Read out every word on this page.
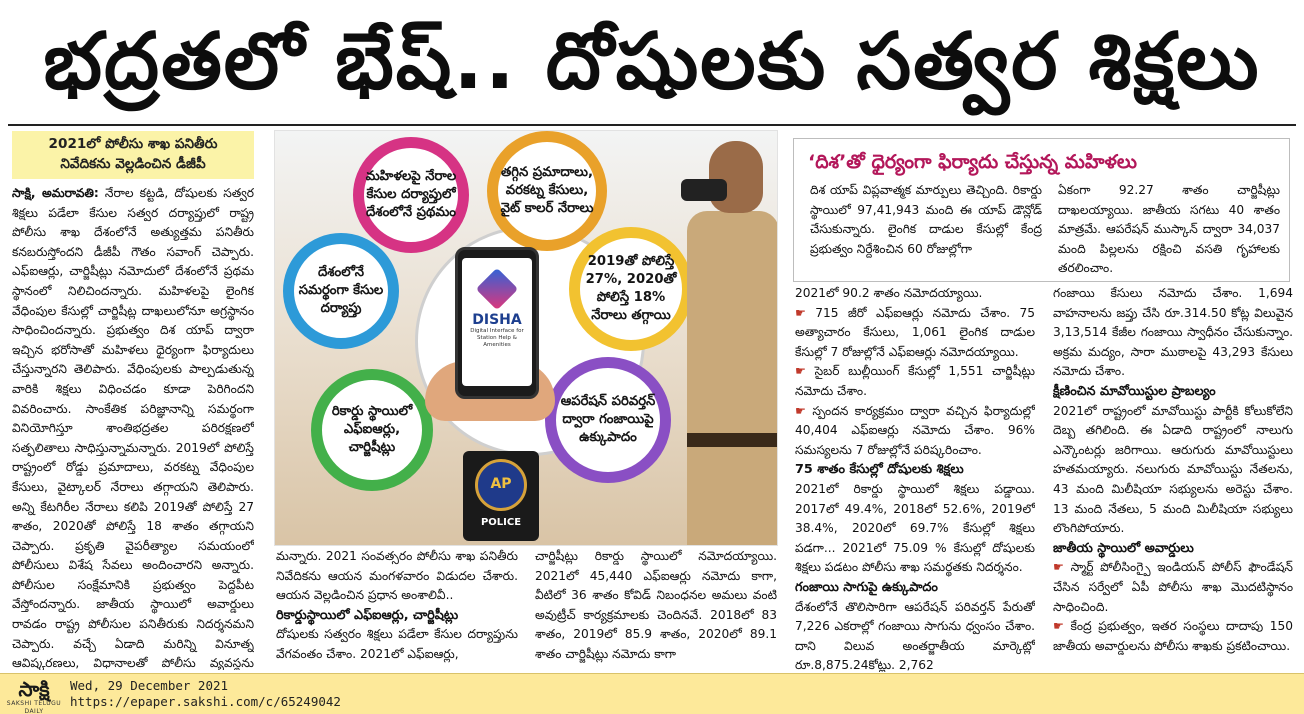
భద్రతలో భేష్.. దోషులకు సత్వర శిక్షలు
2021లో పోలీసు శాఖ పనితీరు
నివేదికను వెల్లడించిన డీజీపీ

సాక్షి, అమరావతి: నేరాల కట్టడి, దోషులకు సత్వర శిక్షలు పడేలా కేసుల సత్వర దర్యాప్తులో రాష్ట్ర పోలీసు శాఖ దేశంలోనే అత్యుత్తమ పనితీరు కనబరుస్తోందని డీజీపీ గౌతం సవాంగ్ చెప్పారు. ఎఫ్ఐఆర్లు, చార్జిషీట్లు నమోదులో దేశంలోనే ప్రథమ స్థానంలో నిలిచిందన్నారు. మహిళలపై లైంగిక వేధింపుల కేసుల్లో చార్జిషీట్ల దాఖలులోనూ అగ్రస్థానం సాధించిందన్నారు. ప్రభుత్వం దిశ యాప్ ద్వారా ఇచ్చిన భరోసాతో మహిళలు ధైర్యంగా ఫిర్యాదులు చేస్తున్నారని తెలిపారు. వేధింపులకు పాల్పడుతున్న వారికి శిక్షలు విధించడం కూడా పెరిగిందని వివరించారు. సాంకేతిక పరిజ్ఞానాన్ని సమర్థంగా వినియోగిస్తూ శాంతిభద్రతల పరిరక్షణలో సత్ఫలితాలు సాధిస్తున్నామన్నారు. 2019లో పోలిస్తే రాష్ట్రంలో రోడ్డు ప్రమాదాలు, వరకట్న వేధింపుల కేసులు, వైట్కాలర్ నేరాలు తగ్గాయని తెలిపారు. అన్ని కేటగిరీల నేరాలు కలిపి 2019తో పోలిస్తే 27 శాతం, 2020తో పోలిస్తే 18 శాతం తగ్గాయని చెప్పారు. ప్రకృతి వైపరీత్యాల సమయంలో పోలీసులు విశేష సేవలు అందించారని అన్నారు. పోలీసుల సంక్షేమానికి ప్రభుత్వం పెద్దపీట వేస్తోందన్నారు. జాతీయ స్థాయిలో అవార్డులు రావడం రాష్ట్ర పోలీసుల పనితీరుకు నిదర్శనమని చెప్పారు. వచ్చే ఏడాది మరిన్ని వినూత్న ఆవిష్కరణలు, విధానాలతో పోలీసు వ్యవస్థను

మహిళలపై నేరాల కేసుల దర్యాప్తులో దేశంలోనే ప్రథమం
తగ్గిన ప్రమాదాలు, వరకట్న కేసులు, వైట్ కాలర్ నేరాలు
2019తో పోలిస్తే 27%, 2020తో పోలిస్తే 18% నేరాలు తగ్గాయి
దేశంలోనే సమర్థంగా కేసుల దర్యాప్తు
రికార్డు స్థాయిలో ఎఫ్ఐఆర్లు, చార్జిషీట్లు
ఆపరేషన్ పరివర్తన్ ద్వారా గంజాయిపై ఉక్కుపాదం
DISHA
Digital Interface for Station Help & Amenities
AP
POLICE

మన్నారు. 2021 సంవత్సరం పోలీసు శాఖ పనితీరు నివేదికను ఆయన మంగళవారం విడుదల చేశారు. ఆయన వెల్లడించిన ప్రధాన అంశాలివీ..

రికార్డుస్థాయిలో ఎఫ్ఐఆర్లు, చార్జిషీట్లు

దోషులకు సత్వరం శిక్షలు పడేలా కేసుల దర్యాప్తును వేగవంతం చేశాం. 2021లో ఎఫ్ఐఆర్లు,

చార్జిషీట్లు రికార్డు స్థాయిలో నమోదయ్యాయి. 2021లో 45,440 ఎఫ్ఐఆర్లు నమోదు కాగా, వీటిలో 36 శాతం కోవిడ్ నిబంధనల అమలు వంటి అవుట్రీచ్ కార్యక్రమాలకు చెందినవే. 2018లో 83 శాతం, 2019లో 85.9 శాతం, 2020లో 89.1 శాతం చార్జిషీట్లు నమోదు కాగా

‘దిశ’తో ధైర్యంగా ఫిర్యాదు చేస్తున్న మహిళలు

దిశ యాప్ విప్లవాత్మక మార్పులు తెచ్చింది. రికార్డు స్థాయిలో 97,41,943 మంది ఈ యాప్ డౌన్లోడ్ చేసుకున్నారు. లైంగిక దాడుల కేసుల్లో కేంద్ర ప్రభుత్వం నిర్దేశించిన 60 రోజుల్లోగా

ఏకంగా 92.27 శాతం చార్జిషీట్లు దాఖలయ్యాయి. జాతీయ సగటు 40 శాతం మాత్రమే. ఆపరేషన్ ముస్కాన్ ద్వారా 34,037 మంది పిల్లలను రక్షించి వసతి గృహాలకు తరలించాం.

2021లో 90.2 శాతం నమోదయ్యాయి.

☛ 715 జీరో ఎఫ్ఐఆర్లు నమోదు చేశాం. 75 అత్యాచారం కేసులు, 1,061 లైంగిక దాడుల కేసుల్లో 7 రోజుల్లోనే ఎఫ్ఐఆర్లు నమోదయ్యాయి.

☛ సైబర్ బుల్లీయింగ్ కేసుల్లో 1,551 చార్జిషీట్లు నమోదు చేశాం.

☛ స్పందన కార్యక్రమం ద్వారా వచ్చిన ఫిర్యాదుల్లో 40,404 ఎఫ్ఐఆర్లు నమోదు చేశాం. 96% సమస్యలను 7 రోజుల్లోనే పరిష్కరించాం.

75 శాతం కేసుల్లో దోషులకు శిక్షలు

2021లో రికార్డు స్థాయిలో శిక్షలు పడ్డాయి. 2017లో 49.4%, 2018లో 52.6%, 2019లో 38.4%, 2020లో 69.7% కేసుల్లో శిక్షలు పడగా... 2021లో 75.09 % కేసుల్లో దోషులకు శిక్షలు పడటం పోలీసు శాఖ సమర్థతకు నిదర్శనం.

గంజాయి సాగుపై ఉక్కుపాదం

దేశంలోనే తొలిసారిగా ఆపరేషన్ పరివర్తన్ పేరుతో 7,226 ఎకరాల్లో గంజాయి సాగును ధ్వంసం చేశాం. దాని విలువ అంతర్జాతీయ మార్కెట్లో రూ.8,875.24కోట్లు. 2,762

గంజాయి కేసులు నమోదు చేశాం. 1,694 వాహనాలను జప్తు చేసి రూ.314.50 కోట్ల విలువైన 3,13,514 కేజీల గంజాయి స్వాధీనం చేసుకున్నాం. అక్రమ మద్యం, సారా ముఠాలపై 43,293 కేసులు నమోదు చేశాం.

క్షీణించిన మావోయిస్టుల ప్రాబల్యం

2021లో రాష్ట్రంలో మావోయిస్టు పార్టీకి కోలుకోలేని దెబ్బ తగిలింది. ఈ ఏడాది రాష్ట్రంలో నాలుగు ఎన్కౌంటర్లు జరిగాయి. ఆరుగురు మావోయిస్టులు హతమయ్యారు. నలుగురు మావోయిస్టు నేతలను, 43 మంది మిలీషియా సభ్యులను అరెస్టు చేశాం. 13 మంది నేతలు, 5 మంది మిలీషియా సభ్యులు లొంగిపోయారు.

జాతీయ స్థాయిలో అవార్డులు

☛ స్మార్ట్ పోలీసింగ్పై ఇండియన్ పోలీస్ ఫౌండేషన్ చేసిన సర్వేలో ఏపీ పోలీసు శాఖ మొదటిస్థానం సాధించింది.

☛ కేంద్ర ప్రభుత్వం, ఇతర సంస్థలు దాదాపు 150 జాతీయ అవార్డులను పోలీసు శాఖకు ప్రకటించాయి.

సాక్షి
SAKSHI TELUGU DAILY
Wed, 29 December 2021
https://epaper.sakshi.com/c/65249042
